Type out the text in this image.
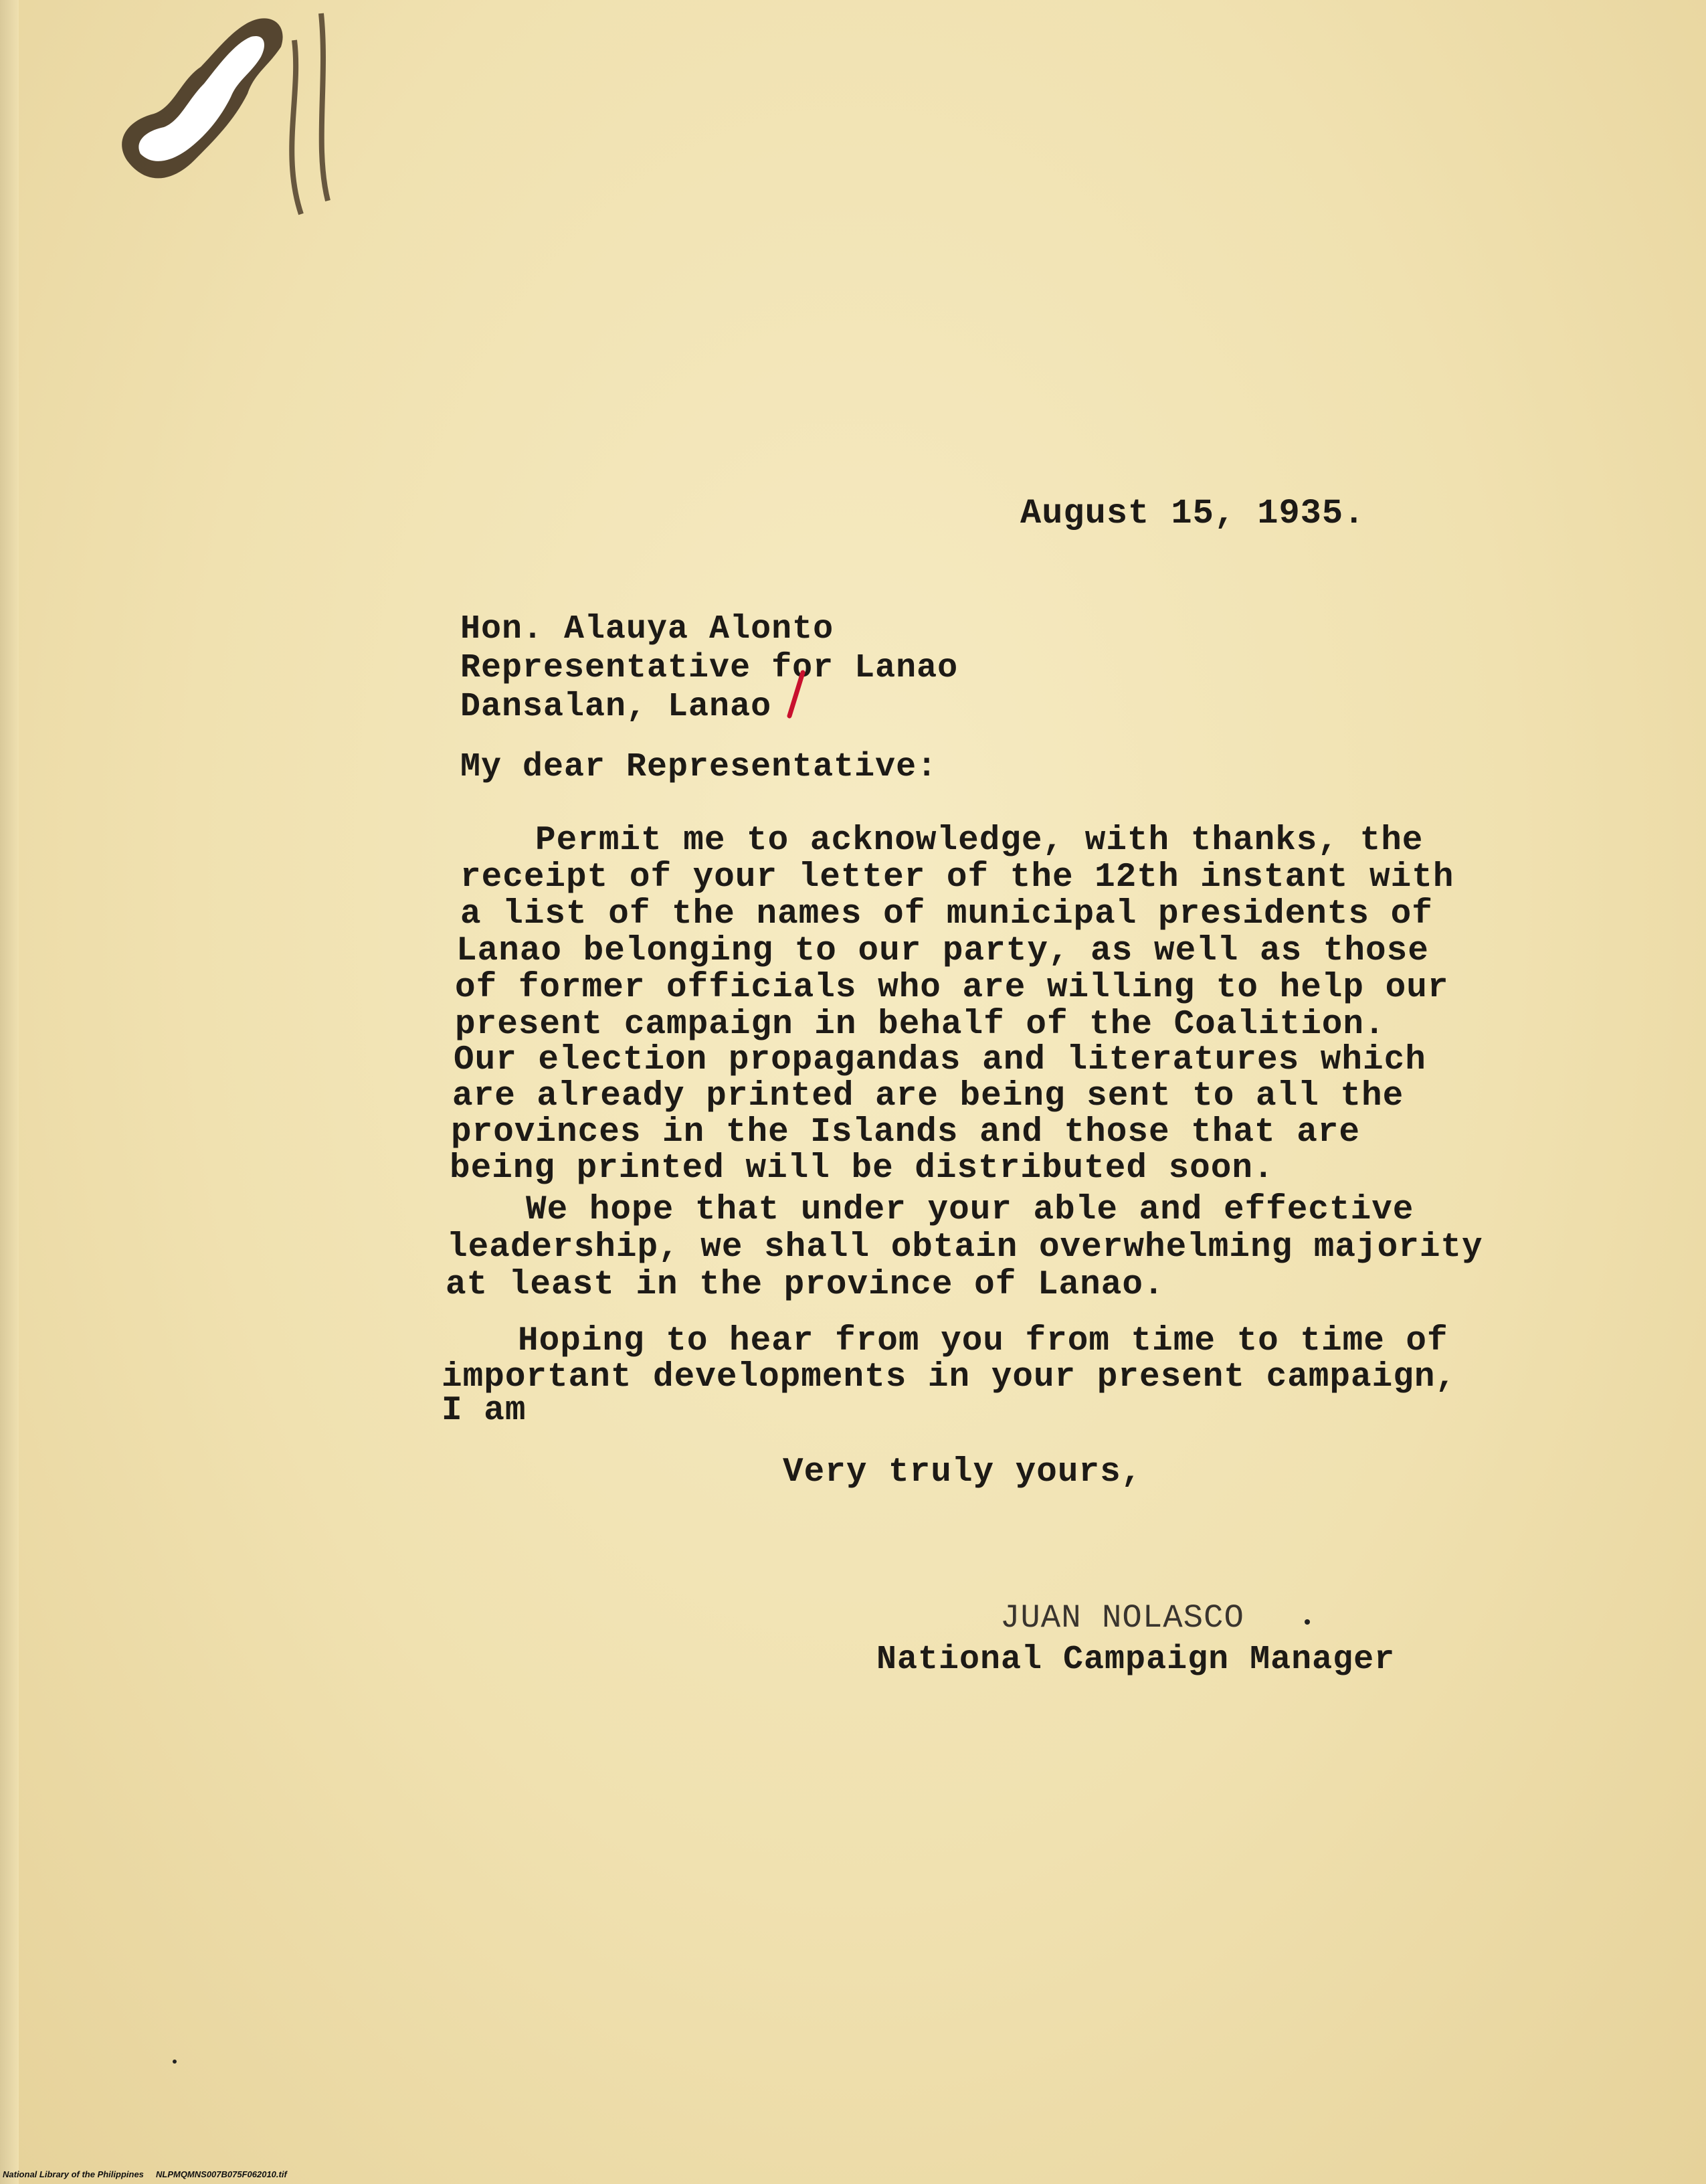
August 15, 1935.
Hon. Alauya Alonto
Representative for Lanao
Dansalan, Lanao
My dear Representative:
Permit me to acknowledge, with thanks, the
receipt of your letter of the 12th instant with
a list of the names of municipal presidents of
Lanao belonging to our party, as well as those
of former officials who are willing to help our
present campaign in behalf of the Coalition.
Our election propagandas and literatures which
are already printed are being sent to all the
provinces in the Islands and those that are
being printed will be distributed soon.
We hope that under your able and effective
leadership, we shall obtain overwhelming majority
at least in the province of Lanao.
Hoping to hear from you from time to time of
important developments in your present campaign,
I am
Very truly yours,
JUAN NOLASCO
National Campaign Manager
National Library of the Philippines NLPMQMNS007B075F062010.tif
